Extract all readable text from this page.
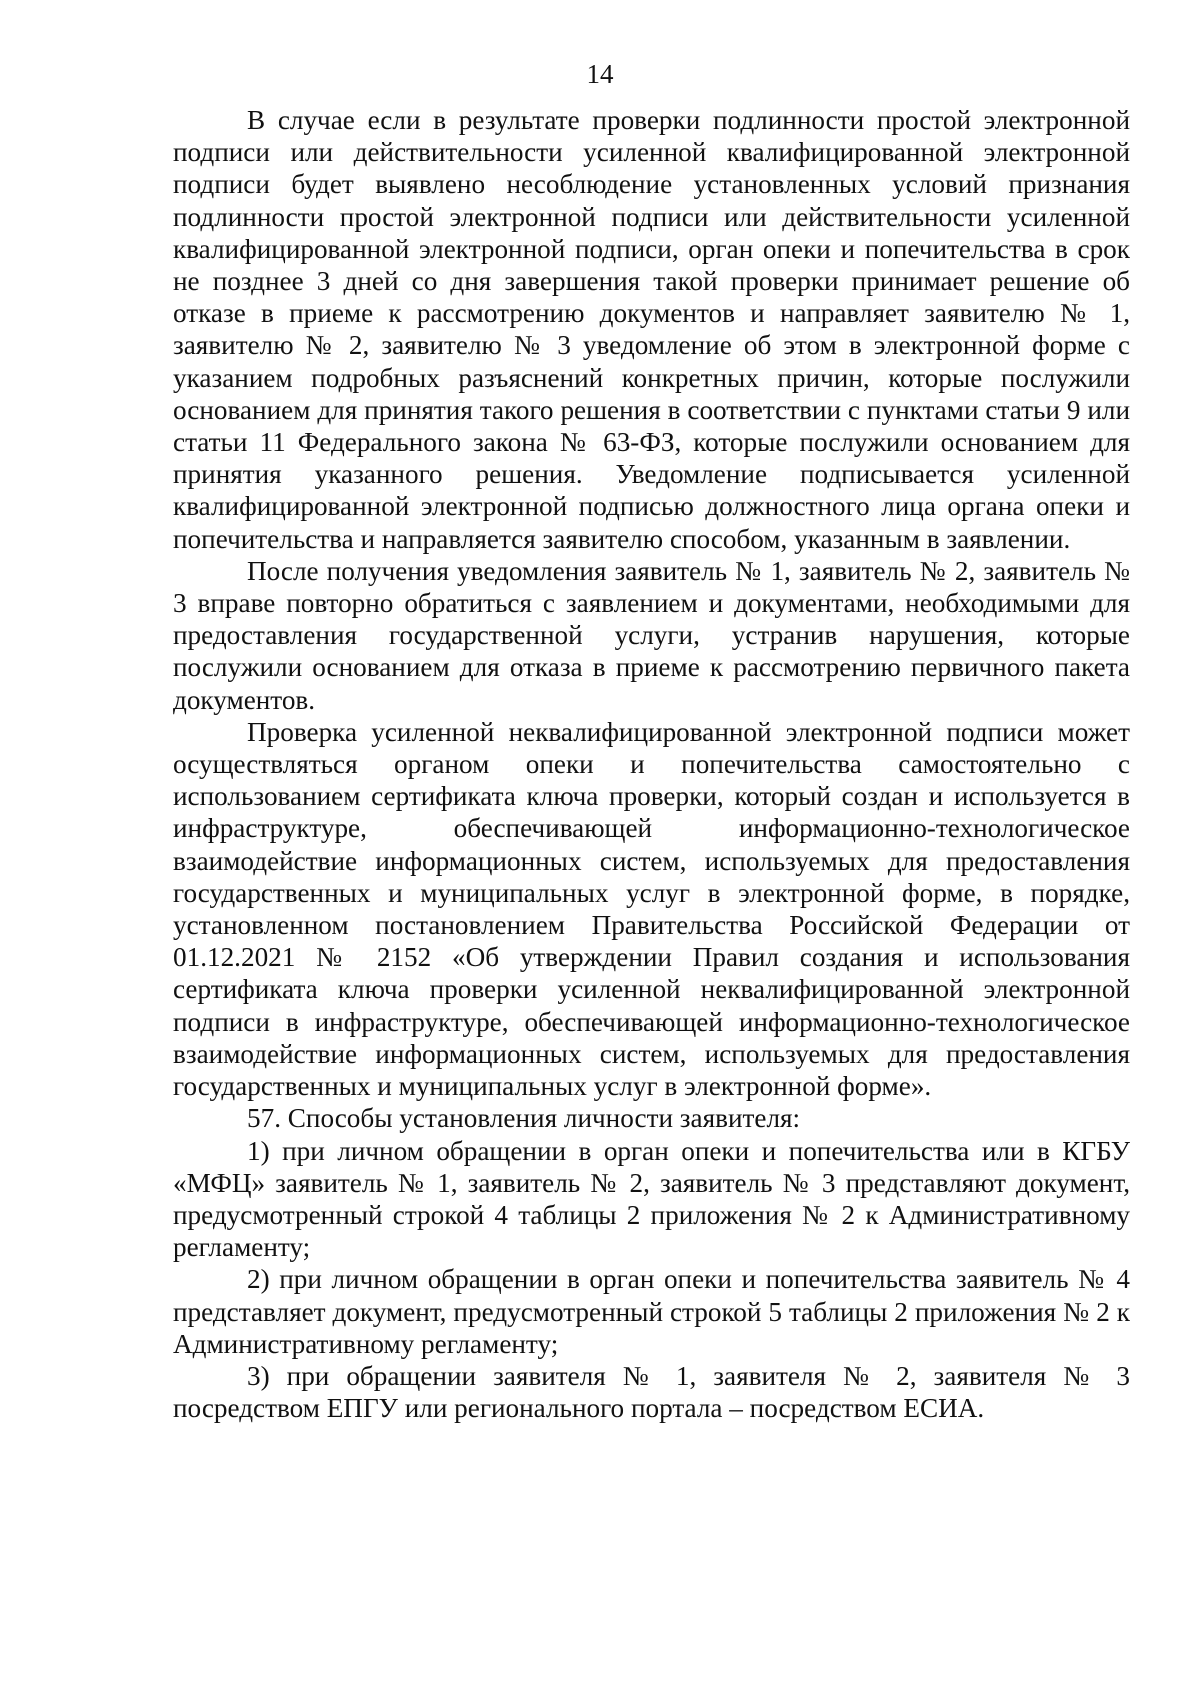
14

В случае если в результате проверки подлинности простой электронной подписи или действительности усиленной квалифицированной электронной подписи будет выявлено несоблюдение установленных условий признания подлинности простой электронной подписи или действительности усиленной квалифицированной электронной подписи, орган опеки и попечительства в срок не позднее 3 дней со дня завершения такой проверки принимает решение об отказе в приеме к рассмотрению документов и направляет заявителю № 1, заявителю № 2, заявителю № 3 уведомление об этом в электронной форме с указанием подробных разъяснений конкретных причин, которые послужили основанием для принятия такого решения в соответствии с пунктами статьи 9 или статьи 11 Федерального закона № 63-ФЗ, которые послужили основанием для принятия указанного решения. Уведомление подписывается усиленной квалифицированной электронной подписью должностного лица органа опеки и попечительства и направляется заявителю способом, указанным в заявлении.

После получения уведомления заявитель № 1, заявитель № 2, заявитель № 3 вправе повторно обратиться с заявлением и документами, необходимыми для предоставления государственной услуги, устранив нарушения, которые послужили основанием для отказа в приеме к рассмотрению первичного пакета документов.

Проверка усиленной неквалифицированной электронной подписи может осуществляться органом опеки и попечительства самостоятельно с использованием сертификата ключа проверки, который создан и используется в инфраструктуре, обеспечивающей информационно-технологическое взаимодействие информационных систем, используемых для предоставления государственных и муниципальных услуг в электронной форме, в порядке, установленном постановлением Правительства Российской Федерации от 01.12.2021 № 2152 «Об утверждении Правил создания и использования сертификата ключа проверки усиленной неквалифицированной электронной подписи в инфраструктуре, обеспечивающей информационно-технологическое взаимодействие информационных систем, используемых для предоставления государственных и муниципальных услуг в электронной форме».

57. Способы установления личности заявителя:

1) при личном обращении в орган опеки и попечительства или в КГБУ «МФЦ» заявитель № 1, заявитель № 2, заявитель № 3 представляют документ, предусмотренный строкой 4 таблицы 2 приложения № 2 к Административному регламенту;

2) при личном обращении в орган опеки и попечительства заявитель № 4 представляет документ, предусмотренный строкой 5 таблицы 2 приложения № 2 к Административному регламенту;

3) при обращении заявителя № 1, заявителя № 2, заявителя № 3 посредством ЕПГУ или регионального портала – посредством ЕСИА.
